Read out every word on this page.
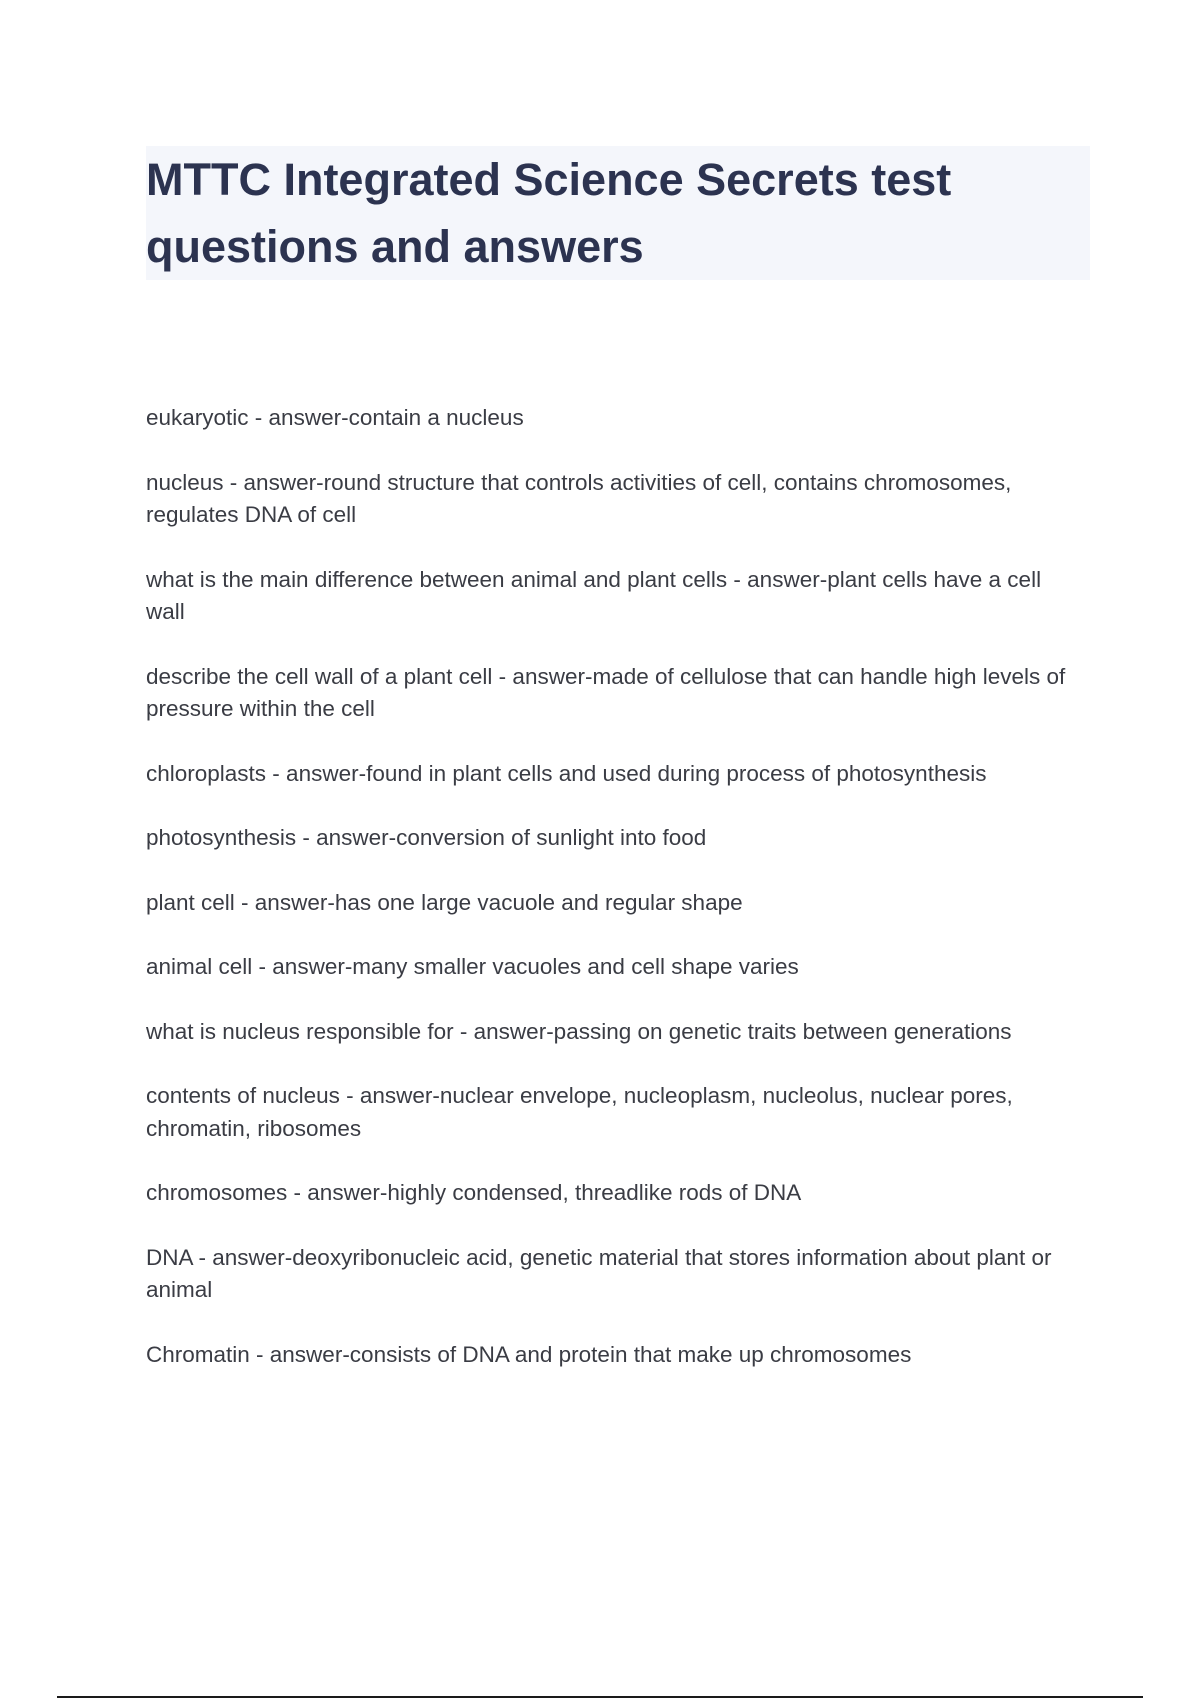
MTTC Integrated Science Secrets test questions and answers
eukaryotic - answer-contain a nucleus
nucleus - answer-round structure that controls activities of cell, contains chromosomes, regulates DNA of cell
what is the main difference between animal and plant cells - answer-plant cells have a cell wall
describe the cell wall of a plant cell - answer-made of cellulose that can handle high levels of pressure within the cell
chloroplasts - answer-found in plant cells and used during process of photosynthesis
photosynthesis - answer-conversion of sunlight into food
plant cell - answer-has one large vacuole and regular shape
animal cell - answer-many smaller vacuoles and cell shape varies
what is nucleus responsible for - answer-passing on genetic traits between generations
contents of nucleus - answer-nuclear envelope, nucleoplasm, nucleolus, nuclear pores, chromatin, ribosomes
chromosomes - answer-highly condensed, threadlike rods of DNA
DNA - answer-deoxyribonucleic acid, genetic material that stores information about plant or animal
Chromatin - answer-consists of DNA and protein that make up chromosomes
